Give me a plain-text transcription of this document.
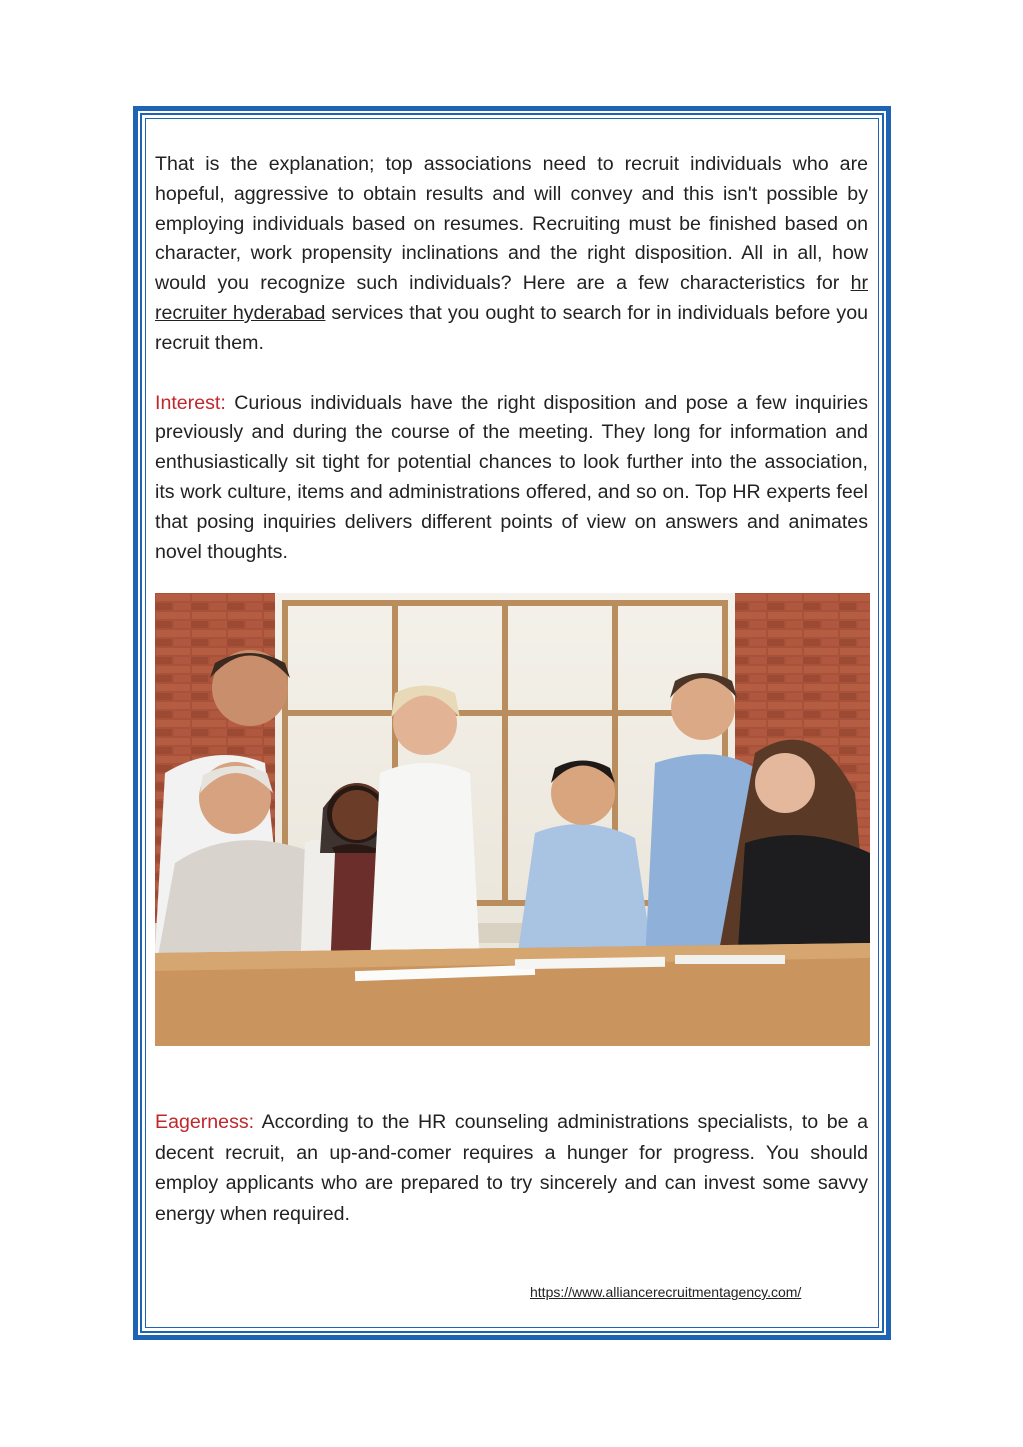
That is the explanation; top associations need to recruit individuals who are hopeful, aggressive to obtain results and will convey and this isn't possible by employing individuals based on resumes. Recruiting must be finished based on character, work propensity inclinations and the right disposition. All in all, how would you recognize such individuals? Here are a few characteristics for hr recruiter hyderabad services that you ought to search for in individuals before you recruit them.

Interest: Curious individuals have the right disposition and pose a few inquiries previously and during the course of the meeting. They long for information and enthusiastically sit tight for potential chances to look further into the association, its work culture, items and administrations offered, and so on. Top HR experts feel that posing inquiries delivers different points of view on answers and animates novel thoughts.

Eagerness: According to the HR counseling administrations specialists, to be a decent recruit, an up-and-comer requires a hunger for progress. You should employ applicants who are prepared to try sincerely and can invest some savvy energy when required.

https://www.alliancerecruitmentagency.com/
